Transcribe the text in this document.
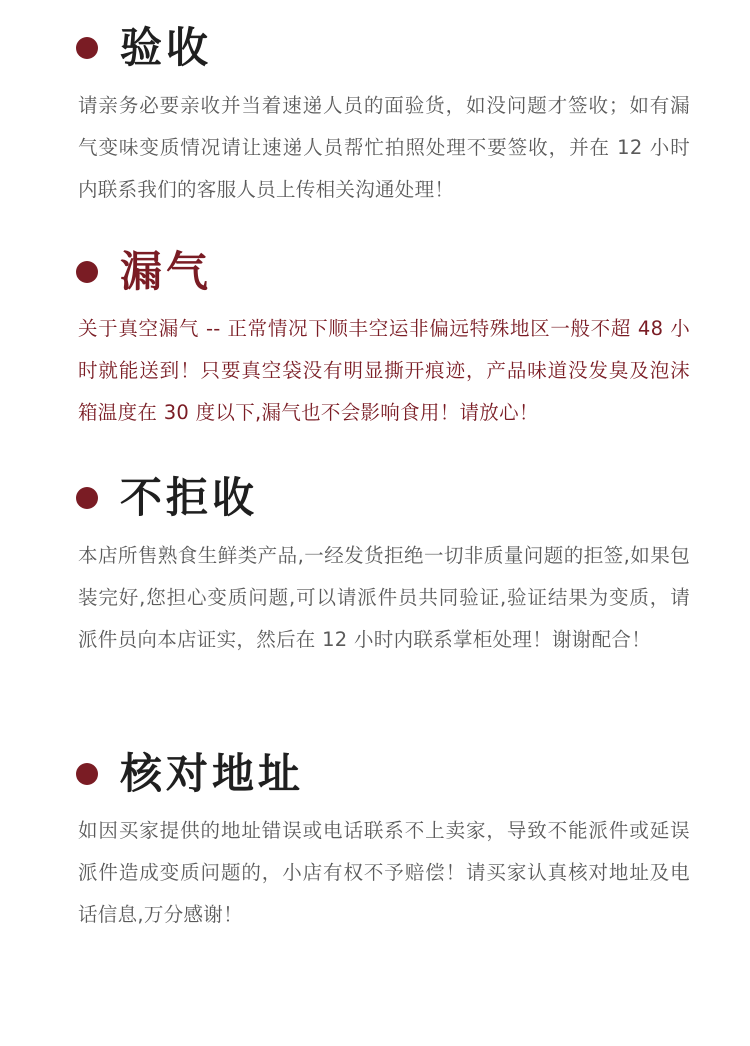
验收
请亲务必要亲收并当着速递人员的面验货，如没问题才签收；如有漏气变味变质情况请让速递人员帮忙拍照处理不要签收，并在 12 小时内联系我们的客服人员上传相关沟通处理！
漏气
关于真空漏气 -- 正常情况下顺丰空运非偏远特殊地区一般不超 48 小时就能送到！只要真空袋没有明显撕开痕迹，产品味道没发臭及泡沫箱温度在 30 度以下,漏气也不会影响食用！请放心！
不拒收
本店所售熟食生鲜类产品,一经发货拒绝一切非质量问题的拒签,如果包装完好,您担心变质问题,可以请派件员共同验证,验证结果为变质，请派件员向本店证实，然后在 12 小时内联系掌柜处理！谢谢配合！
核对地址
如因买家提供的地址错误或电话联系不上卖家，导致不能派件或延误派件造成变质问题的，小店有权不予赔偿！请买家认真核对地址及电话信息,万分感谢！
